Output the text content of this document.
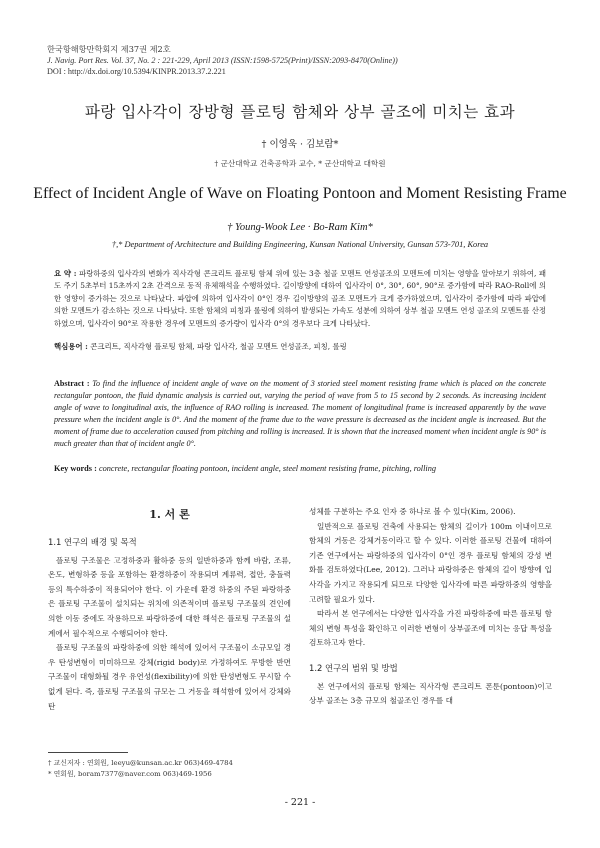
한국항해항만학회지 제37권 제2호
J. Navig. Port Res. Vol. 37, No. 2 : 221-229, April 2013 (ISSN:1598-5725(Print)/ISSN:2093-8470(Online))
DOI : http://dx.doi.org/10.5394/KINPR.2013.37.2.221
파랑 입사각이 장방형 플로팅 함체와 상부 골조에 미치는 효과
† 이영욱 · 김보람*
† 군산대학교 건축공학과 교수, * 군산대학교 대학원
Effect of Incident Angle of Wave on Floating Pontoon and Moment Resisting Frame
† Young-Wook Lee · Bo-Ram Kim*
†,* Department of Architecture and Building Engineering, Kunsan National University, Gunsan 573-701, Korea
요 약 : 파랑하중의 입사각의 변화가 직사각형 콘크리트 플로팅 함체 위에 있는 3층 철골 모멘트 연성골조의 모멘트에 미치는 영향을 알아보기 위하여, 패도 주기 5초부터 15초까지 2초 간격으로 동적 유체해석을 수행하였다. 길이방향에 대하여 입사각이 0°, 30°, 60°, 90°로 증가함에 따라 RAO-Roll에 의한 영향이 증가하는 것으로 나타났다. 파압에 의하여 입사각이 0°인 경우 길이방향의 골조 모멘트가 크게 증가하였으며, 입사각이 증가함에 따라 파압에 의한 모멘트가 감소하는 것으로 나타났다. 또한 함체의 피칭과 롤링에 의하여 발생되는 가속도 성분에 의하여 상부 철골 모멘트 연성 골조의 모멘트를 산정하였으며, 입사각이 90°로 작용한 경우에 모멘트의 증가량이 입사각 0°의 경우보다 크게 나타났다.
핵심용어 : 콘크리트, 직사각형 플로팅 함체, 파랑 입사각, 철골 모멘트 연성골조, 피칭, 롤링
Abstract : To find the influence of incident angle of wave on the moment of 3 storied steel moment resisting frame which is placed on the concrete rectangular pontoon, the fluid dynamic analysis is carried out, varying the period of wave from 5 to 15 second by 2 seconds. As increasing incident angle of wave to longitudinal axis, the influence of RAO rolling is increased. The moment of longitudinal frame is increased apparently by the wave pressure when the incident angle is 0°. And the moment of the frame due to the wave pressure is decreased as the incident angle is increased. But the moment of frame due to acceleration caused from pitching and rolling is increased. It is shown that the increased moment when incident angle is 90° is much greater than that of incident angle 0°.
Key words : concrete, rectangular floating pontoon, incident angle, steel moment resisting frame, pitching, rolling
1. 서 론
1.1 연구의 배경 및 목적

플로팅 구조물은 고정하중과 활하중 등의 일반하중과 함께 바람, 조류, 온도, 변형하중 등을 포함하는 환경하중이 작용되며 계류력, 접안, 충돌력 등의 특수하중이 적용되어야 한다. 이 가운데 환경 하중의 주된 파랑하중은 플로팅 구조물이 설치되는 위치에 의존적이며 플로팅 구조물의 견인에 의한 이동 중에도 작용하므로 파랑하중에 대한 해석은 플로팅 구조물의 설계에서 필수적으로 수행되어야 한다.

플로팅 구조물의 파랑하중에 의한 해석에 있어서 구조물이 소규모일 경우 탄성변형이 미미하므로 강체(rigid body)로 가정하여도 무방한 반면 구조물이 대형화될 경우 유연성(flexibility)에 의한 탄성변형도 무시할 수 없게 된다. 즉, 플로팅 구조물의 규모는 그 거동을 해석함에 있어서 강체와 탄

성체를 구분하는 주요 인자 중 하나로 볼 수 있다(Kim, 2006).

일반적으로 플로팅 건축에 사용되는 함체의 길이가 100m 이내이므로 함체의 거동은 강체거동이라고 할 수 있다. 이러한 플로팅 건물에 대하여 기존 연구에서는 파랑하중의 입사각이 0°인 경우 플로팅 함체의 강성 변화를 검토하였다(Lee, 2012). 그러나 파랑하중은 함체의 길이 방향에 입사각을 가지고 작용되게 되므로 다양한 입사각에 따른 파랑하중의 영향을 고려할 필요가 있다.

따라서 본 연구에서는 다양한 입사각을 가진 파랑하중에 따른 플로팅 함체의 변형 특성을 확인하고 이러한 변형이 상부골조에 미치는 응답 특성을 검토하고자 한다.

1.2 연구의 범위 및 방법

본 연구에서의 플로팅 함체는 직사각형 콘크리트 폰툰(pontoon)이고 상부 골조는 3층 규모의 철골조인 경우를 대

† 교신저자 : 연회원, leeyu@kunsan.ac.kr 063)469-4784
* 연회원, boram7377@naver.com 063)469-1956
- 221 -
